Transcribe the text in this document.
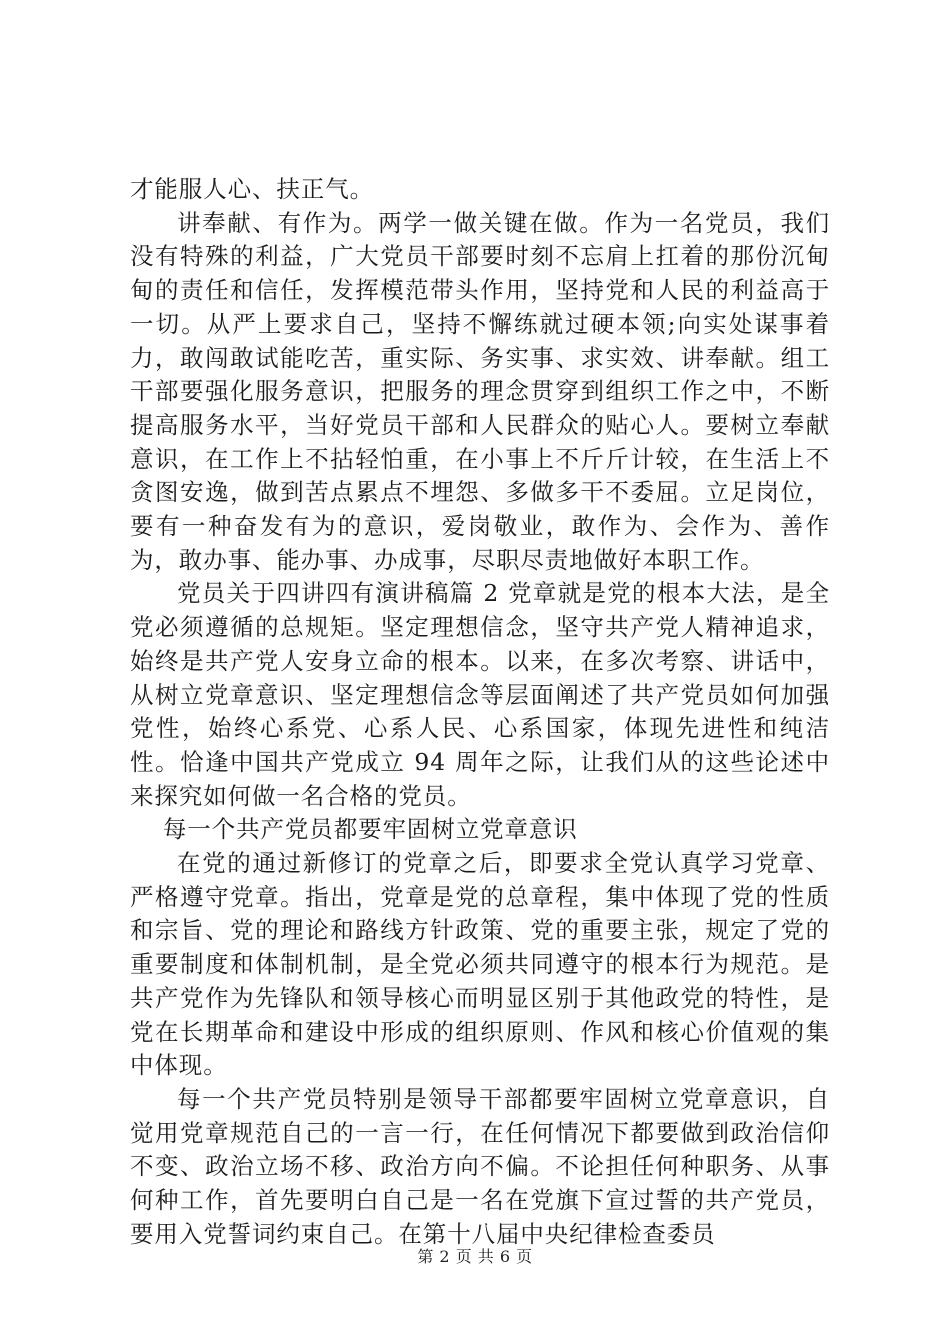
才能服人心、扶正气。

讲奉献、有作为。两学一做关键在做。作为一名党员，我们没有特殊的利益，广大党员干部要时刻不忘肩上扛着的那份沉甸甸的责任和信任，发挥模范带头作用，坚持党和人民的利益高于一切。从严上要求自己，坚持不懈练就过硬本领;向实处谋事着力，敢闯敢试能吃苦，重实际、务实事、求实效、讲奉献。组工干部要强化服务意识，把服务的理念贯穿到组织工作之中，不断提高服务水平，当好党员干部和人民群众的贴心人。要树立奉献意识，在工作上不拈轻怕重，在小事上不斤斤计较，在生活上不贪图安逸，做到苦点累点不埋怨、多做多干不委屈。立足岗位，要有一种奋发有为的意识，爱岗敬业，敢作为、会作为、善作为，敢办事、能办事、办成事，尽职尽责地做好本职工作。

党员关于四讲四有演讲稿篇 2 党章就是党的根本大法，是全党必须遵循的总规矩。坚定理想信念，坚守共产党人精神追求，始终是共产党人安身立命的根本。以来，在多次考察、讲话中，从树立党章意识、坚定理想信念等层面阐述了共产党员如何加强党性，始终心系党、心系人民、心系国家，体现先进性和纯洁性。恰逢中国共产党成立 94 周年之际，让我们从的这些论述中来探究如何做一名合格的党员。

每一个共产党员都要牢固树立党章意识

在党的通过新修订的党章之后，即要求全党认真学习党章、严格遵守党章。指出，党章是党的总章程，集中体现了党的性质和宗旨、党的理论和路线方针政策、党的重要主张，规定了党的重要制度和体制机制，是全党必须共同遵守的根本行为规范。是共产党作为先锋队和领导核心而明显区别于其他政党的特性，是党在长期革命和建设中形成的组织原则、作风和核心价值观的集中体现。

每一个共产党员特别是领导干部都要牢固树立党章意识，自觉用党章规范自己的一言一行，在任何情况下都要做到政治信仰不变、政治立场不移、政治方向不偏。不论担任何种职务、从事何种工作，首先要明白自己是一名在党旗下宣过誓的共产党员，要用入党誓词约束自己。在第十八届中央纪律检查委员

第 2 页 共 6 页
